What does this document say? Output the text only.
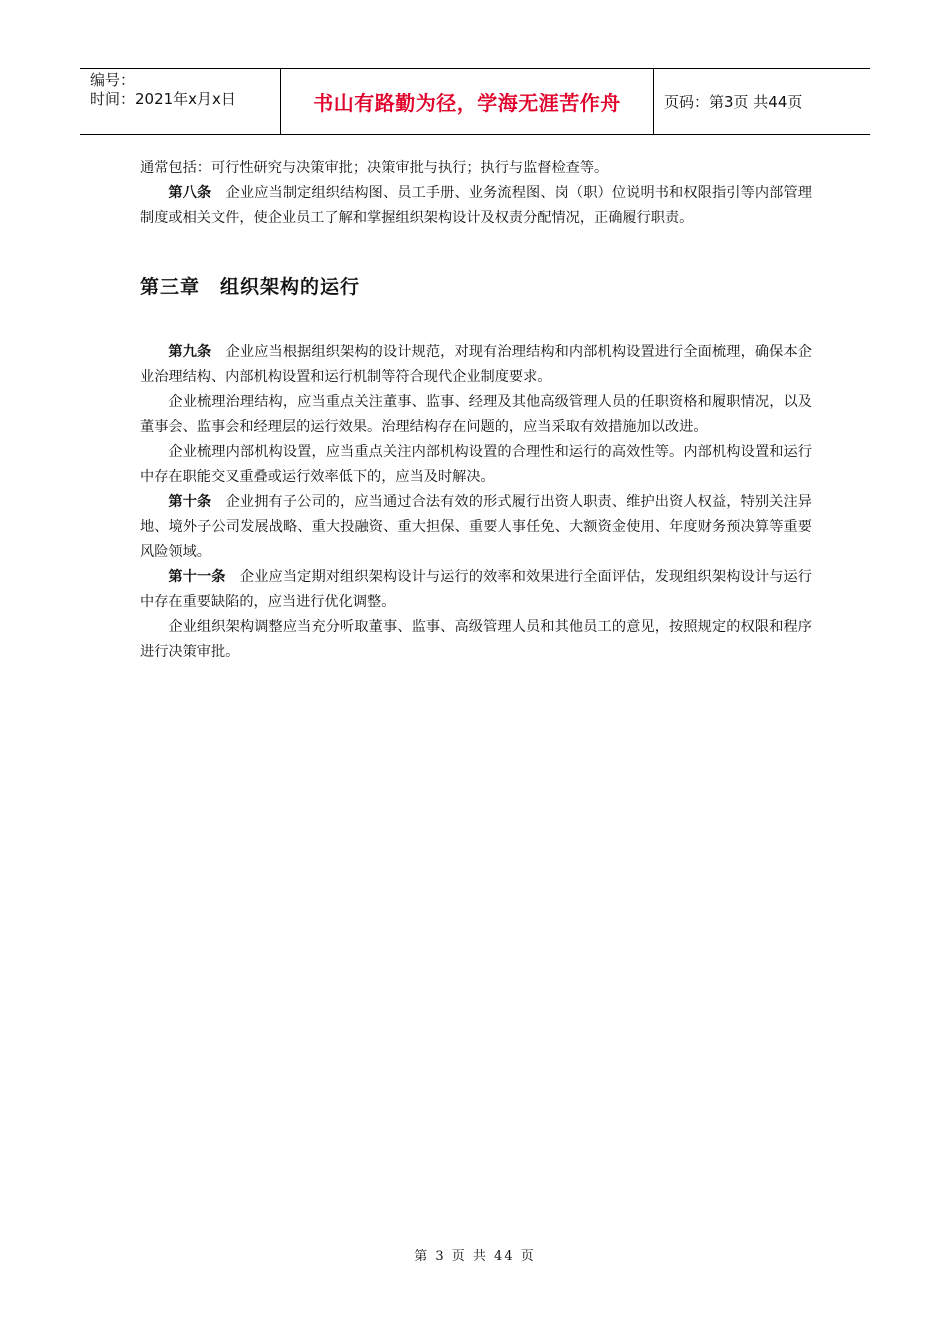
编号：
时间：2021年x月x日	书山有路勤为径，学海无涯苦作舟	页码：第3页 共44页

通常包括：可行性研究与决策审批；决策审批与执行；执行与监督检查等。

第八条　 企业应当制定组织结构图、员工手册、业务流程图、岗（职）位说明书和权限指引等内部管理制度或相关文件，使企业员工了解和掌握组织架构设计及权责分配情况，正确履行职责。

第三章　组织架构的运行

第九条　 企业应当根据组织架构的设计规范，对现有治理结构和内部机构设置进行全面梳理，确保本企业治理结构、内部机构设置和运行机制等符合现代企业制度要求。

企业梳理治理结构，应当重点关注董事、监事、经理及其他高级管理人员的任职资格和履职情况，以及董事会、监事会和经理层的运行效果。治理结构存在问题的，应当采取有效措施加以改进。

企业梳理内部机构设置，应当重点关注内部机构设置的合理性和运行的高效性等。内部机构设置和运行中存在职能交叉重叠或运行效率低下的，应当及时解决。

第十条　 企业拥有子公司的，应当通过合法有效的形式履行出资人职责、维护出资人权益，特别关注异地、境外子公司发展战略、重大投融资、重大担保、重要人事任免、大额资金使用、年度财务预决算等重要风险领域。

第十一条　 企业应当定期对组织架构设计与运行的效率和效果进行全面评估，发现组织架构设计与运行中存在重要缺陷的，应当进行优化调整。

企业组织架构调整应当充分听取董事、监事、高级管理人员和其他员工的意见，按照规定的权限和程序进行决策审批。

第 3 页 共 44 页
